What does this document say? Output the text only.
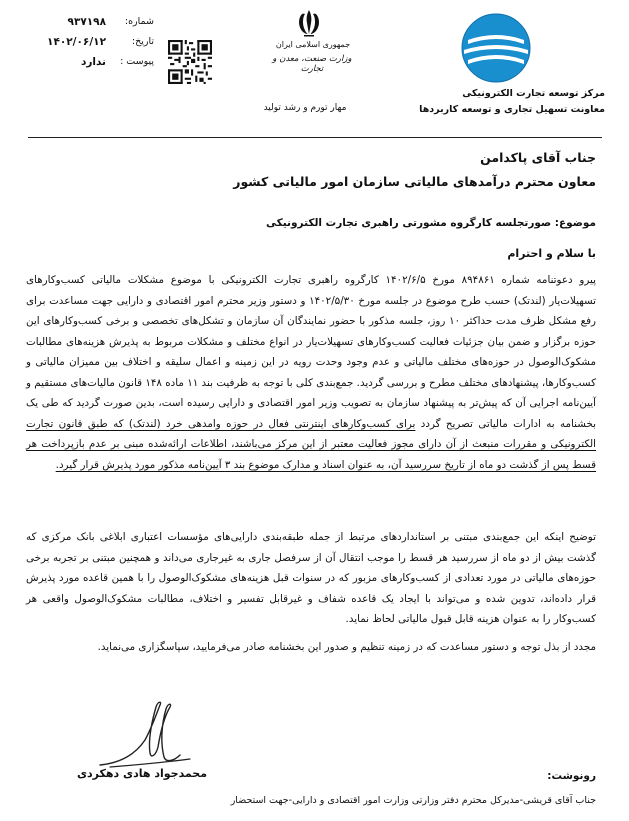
شماره:
۹۳۷۱۹۸
تاریخ:
۱۴۰۲/۰۶/۱۲
پیوست :
ندارد
جمهوری اسلامی ایران
وزارت صنعت، معدن و تجارت
مهار تورم و رشد تولید
مرکز توسعه تجارت الکترونیکی
معاونت تسهیل تجاری و توسعه کاربردها
جناب آقای پاکدامن
معاون محترم درآمدهای مالیاتی سازمان امور مالیاتی کشور
موضوع: صورتجلسه کارگروه مشورتی راهبری تجارت الکترونیکی
با سلام و احترام

پیرو دعوتنامه شماره ۸۹۴۸۶۱ مورخ ۱۴۰۲/۶/۵ کارگروه راهبری تجارت الکترونیکی با موضوع مشکلات مالیاتی کسب‌وکارهای تسهیلات‌یار (لندتک) حسب طرح موضوع در جلسه مورخ ۱۴۰۲/۵/۳۰ و دستور وزیر محترم امور اقتصادی و دارایی جهت مساعدت برای رفع مشکل ظرف مدت حداکثر ۱۰ روز، جلسه مذکور با حضور نمایندگان آن سازمان و تشکل‌های تخصصی و برخی کسب‌وکارهای این حوزه برگزار و ضمن بیان جزئیات فعالیت کسب‌وکارهای تسهیلات‌یار در انواع مختلف و مشکلات مربوط به پذیرش هزینه‌های مطالبات مشکوک‌الوصول در حوزه‌های مختلف مالیاتی و عدم وجود وحدت رویه در این زمینه و اعمال سلیقه و اختلاف بین ممیزان مالیاتی و کسب‌وکارها، پیشنهادهای مختلف مطرح و بررسی گردید. جمع‌بندی کلی با توجه به ظرفیت بند ۱۱ ماده ۱۴۸ قانون مالیات‌های مستقیم و آیین‌نامه اجرایی آن که پیش‌تر به پیشنهاد سازمان به تصویب وزیر امور اقتصادی و دارایی رسیده است، بدین صورت گردید که طی یک بخشنامه به ادارات مالیاتی تصریح گردد برای کسب‌وکارهای اینترنتی فعال در حوزه وامدهی خرد (لندتک) که طبق قانون تجارت الکترونیکی و مقررات منبعث از آن دارای مجوز فعالیت معتبر از این مرکز می‌باشند، اطلاعات ارائه‌شده مبنی بر عدم بازپرداخت هر قسط پس از گذشت دو ماه از تاریخ سررسید آن، به عنوان اسناد و مدارک موضوع بند ۳ آیین‌نامه مذکور مورد پذیرش قرار گیرد.

توضیح اینکه این جمع‌بندی مبتنی بر استانداردهای مرتبط از جمله طبقه‌بندی دارایی‌های مؤسسات اعتباری ابلاغی بانک مرکزی که گذشت بیش از دو ماه از سررسید هر قسط را موجب انتقال آن از سرفصل جاری به غیرجاری می‌داند و همچنین مبتنی بر تجربه برخی حوزه‌های مالیاتی در مورد تعدادی از کسب‌وکارهای مزبور که در سنوات قبل هزینه‌های مشکوک‌الوصول را با همین قاعده مورد پذیرش قرار داده‌اند، تدوین شده و می‌تواند با ایجاد یک قاعده شفاف و غیرقابل تفسیر و اختلاف، مطالبات مشکوک‌الوصول واقعی هر کسب‌وکار را به عنوان هزینه قابل قبول مالیاتی لحاظ نماید.

مجدد از بذل توجه و دستور مساعدت که در زمینه تنظیم و صدور این بخشنامه صادر می‌فرمایید، سپاسگزاری می‌نماید.

محمدجواد هادی دهکردی	رونوشت:
جناب آقای قریشی-مدیرکل محترم دفتر وزارتی وزارت امور اقتصادی و دارایی-جهت استحضار
